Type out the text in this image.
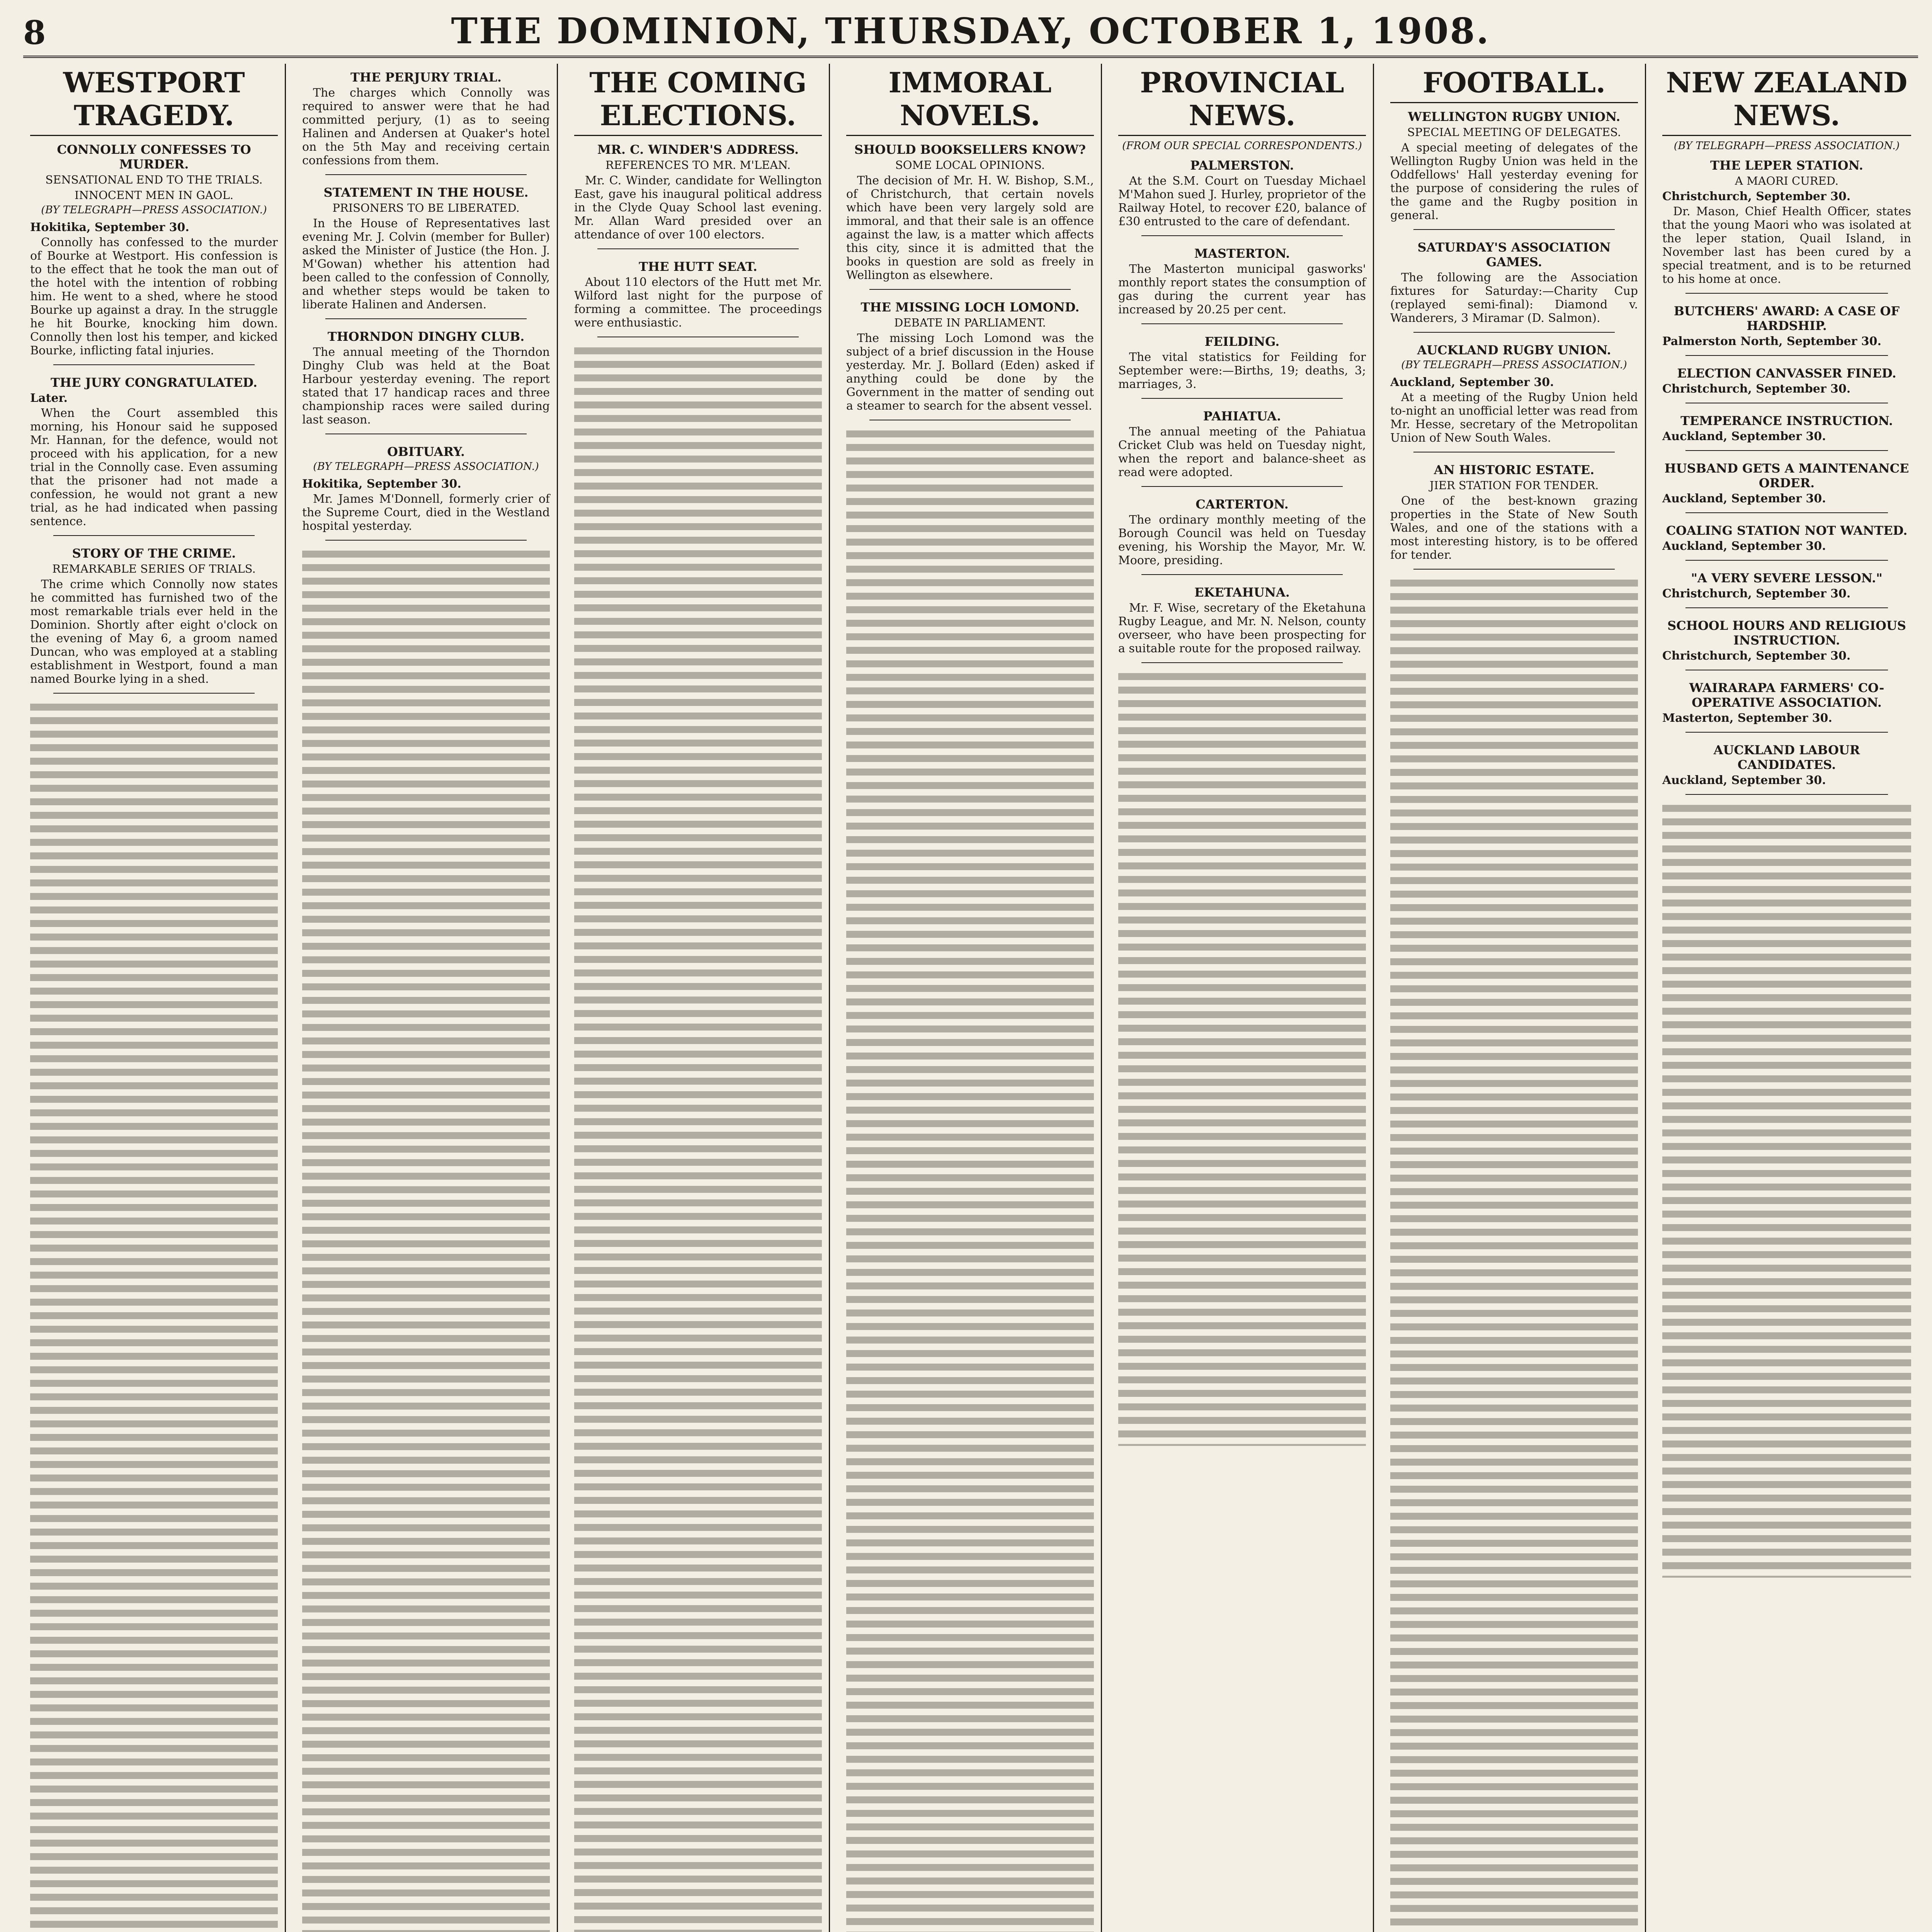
8	THE DOMINION, THURSDAY, OCTOBER 1, 1908.
WESTPORT TRAGEDY.
CONNOLLY CONFESSES TO MURDER.
SENSATIONAL END TO THE TRIALS.
INNOCENT MEN IN GAOL.
(BY TELEGRAPH—PRESS ASSOCIATION.)
Hokitika, September 30.

Connolly has confessed to the murder of Bourke at Westport. His confession is to the effect that he took the man out of the hotel with the intention of robbing him. He went to a shed, where he stood Bourke up against a dray. In the struggle he hit Bourke, knocking him down. Connolly then lost his temper, and kicked Bourke, inflicting fatal injuries.

THE JURY CONGRATULATED.
Later.

When the Court assembled this morning, his Honour said he supposed Mr. Hannan, for the defence, would not proceed with his application, for a new trial in the Connolly case. Even assuming that the prisoner had not made a confession, he would not grant a new trial, as he had indicated when passing sentence.

STORY OF THE CRIME.
REMARKABLE SERIES OF TRIALS.

The crime which Connolly now states he committed has furnished two of the most remarkable trials ever held in the Dominion. Shortly after eight o'clock on the evening of May 6, a groom named Duncan, who was employed at a stabling establishment in Westport, found a man named Bourke lying in a shed.

THE PERJURY TRIAL.

The charges which Connolly was required to answer were that he had committed perjury, (1) as to seeing Halinen and Andersen at Quaker's hotel on the 5th May and receiving certain confessions from them.

STATEMENT IN THE HOUSE.
PRISONERS TO BE LIBERATED.

In the House of Representatives last evening Mr. J. Colvin (member for Buller) asked the Minister of Justice (the Hon. J. M'Gowan) whether his attention had been called to the confession of Connolly, and whether steps would be taken to liberate Halinen and Andersen.

THORNDON DINGHY CLUB.

The annual meeting of the Thorndon Dinghy Club was held at the Boat Harbour yesterday evening. The report stated that 17 handicap races and three championship races were sailed during last season.

OBITUARY.
(BY TELEGRAPH—PRESS ASSOCIATION.)
Hokitika, September 30.

Mr. James M'Donnell, formerly crier of the Supreme Court, died in the Westland hospital yesterday.

THE COMING ELECTIONS.
MR. C. WINDER'S ADDRESS.
REFERENCES TO MR. M'LEAN.

Mr. C. Winder, candidate for Wellington East, gave his inaugural political address in the Clyde Quay School last evening. Mr. Allan Ward presided over an attendance of over 100 electors.

THE HUTT SEAT.

About 110 electors of the Hutt met Mr. Wilford last night for the purpose of forming a committee. The proceedings were enthusiastic.

IMMORAL NOVELS.
SHOULD BOOKSELLERS KNOW?
SOME LOCAL OPINIONS.

The decision of Mr. H. W. Bishop, S.M., of Christchurch, that certain novels which have been very largely sold are immoral, and that their sale is an offence against the law, is a matter which affects this city, since it is admitted that the books in question are sold as freely in Wellington as elsewhere.

THE MISSING LOCH LOMOND.
DEBATE IN PARLIAMENT.

The missing Loch Lomond was the subject of a brief discussion in the House yesterday. Mr. J. Bollard (Eden) asked if anything could be done by the Government in the matter of sending out a steamer to search for the absent vessel.

PROVINCIAL NEWS.
(FROM OUR SPECIAL CORRESPONDENTS.)
PALMERSTON.

At the S.M. Court on Tuesday Michael M'Mahon sued J. Hurley, proprietor of the Railway Hotel, to recover £20, balance of £30 entrusted to the care of defendant.

MASTERTON.

The Masterton municipal gasworks' monthly report states the consumption of gas during the current year has increased by 20.25 per cent.

FEILDING.

The vital statistics for Feilding for September were:—Births, 19; deaths, 3; marriages, 3.

PAHIATUA.

The annual meeting of the Pahiatua Cricket Club was held on Tuesday night, when the report and balance-sheet as read were adopted.

CARTERTON.

The ordinary monthly meeting of the Borough Council was held on Tuesday evening, his Worship the Mayor, Mr. W. Moore, presiding.

EKETAHUNA.

Mr. F. Wise, secretary of the Eketahuna Rugby League, and Mr. N. Nelson, county overseer, who have been prospecting for a suitable route for the proposed railway.

FOOTBALL.
WELLINGTON RUGBY UNION.
SPECIAL MEETING OF DELEGATES.

A special meeting of delegates of the Wellington Rugby Union was held in the Oddfellows' Hall yesterday evening for the purpose of considering the rules of the game and the Rugby position in general.

SATURDAY'S ASSOCIATION GAMES.

The following are the Association fixtures for Saturday:—Charity Cup (replayed semi-final): Diamond v. Wanderers, 3 Miramar (D. Salmon).

AUCKLAND RUGBY UNION.
(BY TELEGRAPH—PRESS ASSOCIATION.)
Auckland, September 30.

At a meeting of the Rugby Union held to-night an unofficial letter was read from Mr. Hesse, secretary of the Metropolitan Union of New South Wales.

AN HISTORIC ESTATE.
JIER STATION FOR TENDER.

One of the best-known grazing properties in the State of New South Wales, and one of the stations with a most interesting history, is to be offered for tender.

NEW ZEALAND NEWS.
(BY TELEGRAPH—PRESS ASSOCIATION.)
THE LEPER STATION.
A MAORI CURED.
Christchurch, September 30.

Dr. Mason, Chief Health Officer, states that the young Maori who was isolated at the leper station, Quail Island, in November last has been cured by a special treatment, and is to be returned to his home at once.

BUTCHERS' AWARD: A CASE OF HARDSHIP.
Palmerston North, September 30.
ELECTION CANVASSER FINED.
Christchurch, September 30.
TEMPERANCE INSTRUCTION.
Auckland, September 30.
HUSBAND GETS A MAINTENANCE ORDER.
Auckland, September 30.
COALING STATION NOT WANTED.
Auckland, September 30.
"A VERY SEVERE LESSON."
Christchurch, September 30.
SCHOOL HOURS AND RELIGIOUS INSTRUCTION.
Christchurch, September 30.
WAIRARAPA FARMERS' CO-OPERATIVE ASSOCIATION.
Masterton, September 30.
AUCKLAND LABOUR CANDIDATES.
Auckland, September 30.
